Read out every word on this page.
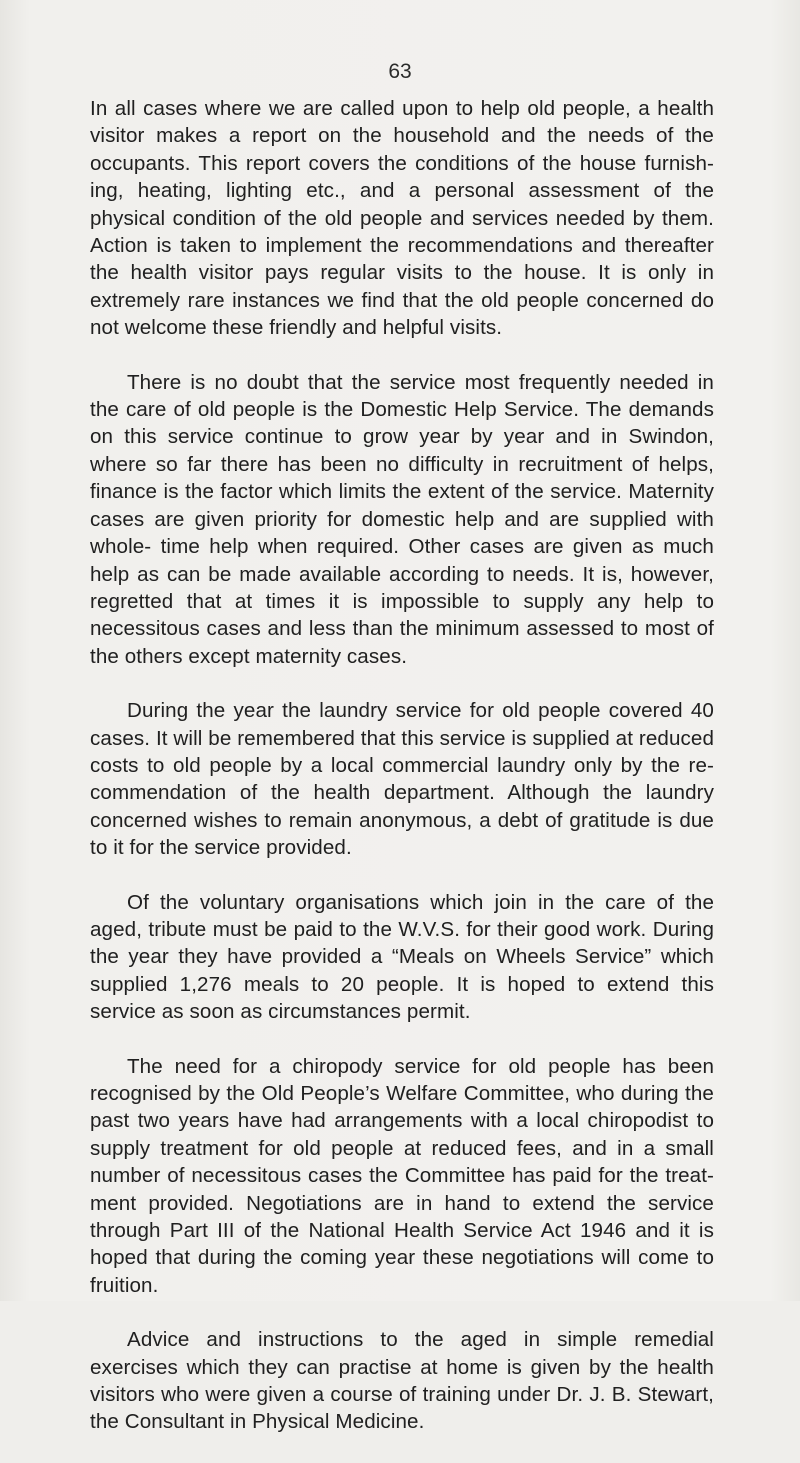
63

In all cases where we are called upon to help old people, a health visitor makes a report on the household and the needs of the occupants. This report covers the conditions of the house furnish- ing, heating, lighting etc., and a personal assessment of the physical condition of the old people and services needed by them. Action is taken to implement the recommendations and thereafter the health visitor pays regular visits to the house. It is only in extremely rare instances we find that the old people concerned do not welcome these friendly and helpful visits.

There is no doubt that the service most frequently needed in the care of old people is the Domestic Help Service. The demands on this service continue to grow year by year and in Swindon, where so far there has been no difficulty in recruitment of helps, finance is the factor which limits the extent of the service. Maternity cases are given priority for domestic help and are supplied with whole- time help when required. Other cases are given as much help as can be made available according to needs. It is, however, regretted that at times it is impossible to supply any help to necessitous cases and less than the minimum assessed to most of the others except maternity cases.

During the year the laundry service for old people covered 40 cases. It will be remembered that this service is supplied at reduced costs to old people by a local commercial laundry only by the re- commendation of the health department. Although the laundry concerned wishes to remain anonymous, a debt of gratitude is due to it for the service provided.

Of the voluntary organisations which join in the care of the aged, tribute must be paid to the W.V.S. for their good work. During the year they have provided a “Meals on Wheels Service” which supplied 1,276 meals to 20 people. It is hoped to extend this service as soon as circumstances permit.

The need for a chiropody service for old people has been recognised by the Old People’s Welfare Committee, who during the past two years have had arrangements with a local chiropodist to supply treatment for old people at reduced fees, and in a small number of necessitous cases the Committee has paid for the treat- ment provided. Negotiations are in hand to extend the service through Part III of the National Health Service Act 1946 and it is hoped that during the coming year these negotiations will come to fruition.

Advice and instructions to the aged in simple remedial exercises which they can practise at home is given by the health visitors who were given a course of training under Dr. J. B. Stewart, the Consultant in Physical Medicine.
